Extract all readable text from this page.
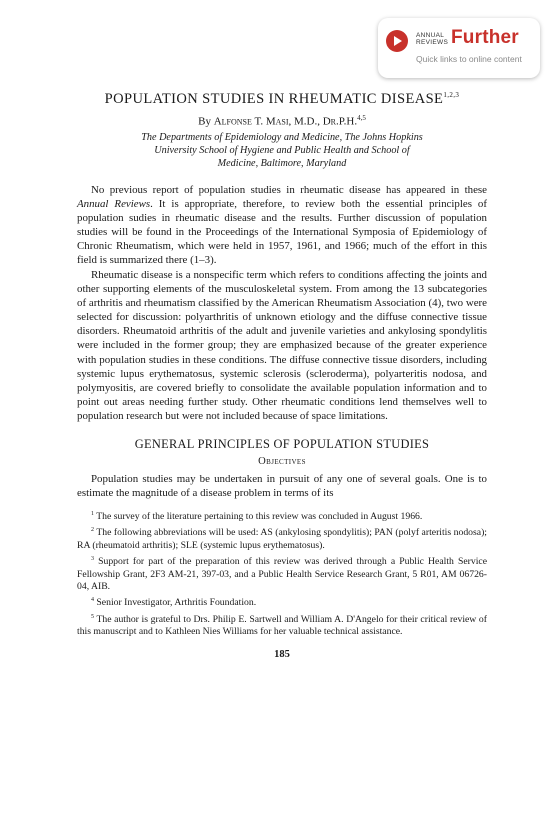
ANNUAL
REVIEWS Further
Quick links to online content
POPULATION STUDIES IN RHEUMATIC DISEASE$^{1,2,3}$
By Alfonse T. Masi, M.D., Dr.P.H.$^{4,5}$
The Departments of Epidemiology and Medicine, The Johns Hopkins
University School of Hygiene and Public Health and School of
Medicine, Baltimore, Maryland

No previous report of population studies in rheumatic disease has appeared in these Annual Reviews. It is appropriate, therefore, to review both the essential principles of population sudies in rheumatic disease and the results. Further discussion of population studies will be found in the Proceedings of the International Symposia of Epidemiology of Chronic Rheumatism, which were held in 1957, 1961, and 1966; much of the effort in this field is summarized there (1–3).

Rheumatic disease is a nonspecific term which refers to conditions affecting the joints and other supporting elements of the musculoskeletal system. From among the 13 subcategories of arthritis and rheumatism classified by the American Rheumatism Association (4), two were selected for discussion: polyarthritis of unknown etiology and the diffuse connective tissue disorders. Rheumatoid arthritis of the adult and juvenile varieties and ankylosing spondylitis were included in the former group; they are emphasized because of the greater experience with population studies in these conditions. The diffuse connective tissue disorders, including systemic lupus erythematosus, systemic sclerosis (scleroderma), polyarteritis nodosa, and polymyositis, are covered briefly to consolidate the available population information and to point out areas needing further study. Other rheumatic conditions lend themselves well to population research but were not included because of space limitations.

GENERAL PRINCIPLES OF POPULATION STUDIES
Objectives

Population studies may be undertaken in pursuit of any one of several goals. One is to estimate the magnitude of a disease problem in terms of its

$^1$ The survey of the literature pertaining to this review was concluded in August 1966.

$^2$ The following abbreviations will be used: AS (ankylosing spondylitis); PAN (polyf arteritis nodosa); RA (rheumatoid arthritis); SLE (systemic lupus erythematosus).

$^3$ Support for part of the preparation of this review was derived through a Public Health Service Fellowship Grant, 2F3 AM-21, 397-03, and a Public Health Service Research Grant, 5 R01, AM 06726-04, AIB.

$^4$ Senior Investigator, Arthritis Foundation.

$^5$ The author is grateful to Drs. Philip E. Sartwell and William A. D'Angelo for their critical review of this manuscript and to Kathleen Nies Williams for her valuable technical assistance.

185
